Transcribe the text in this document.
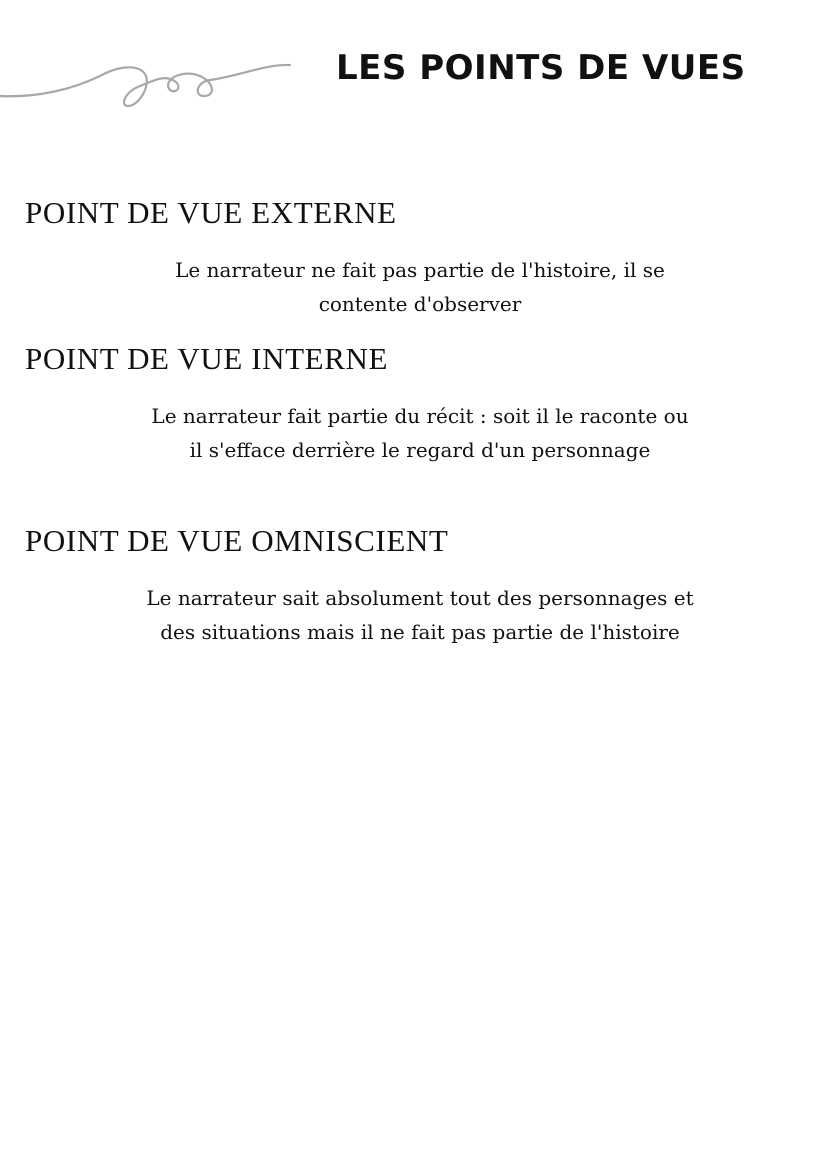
LES POINTS DE VUES
POINT DE VUE EXTERNE

Le narrateur ne fait pas partie de l'histoire, il se
contente d'observer

POINT DE VUE INTERNE

Le narrateur fait partie du récit : soit il le raconte ou
il s'efface derrière le regard d'un personnage

POINT DE VUE OMNISCIENT

Le narrateur sait absolument tout des personnages et
des situations mais il ne fait pas partie de l'histoire
